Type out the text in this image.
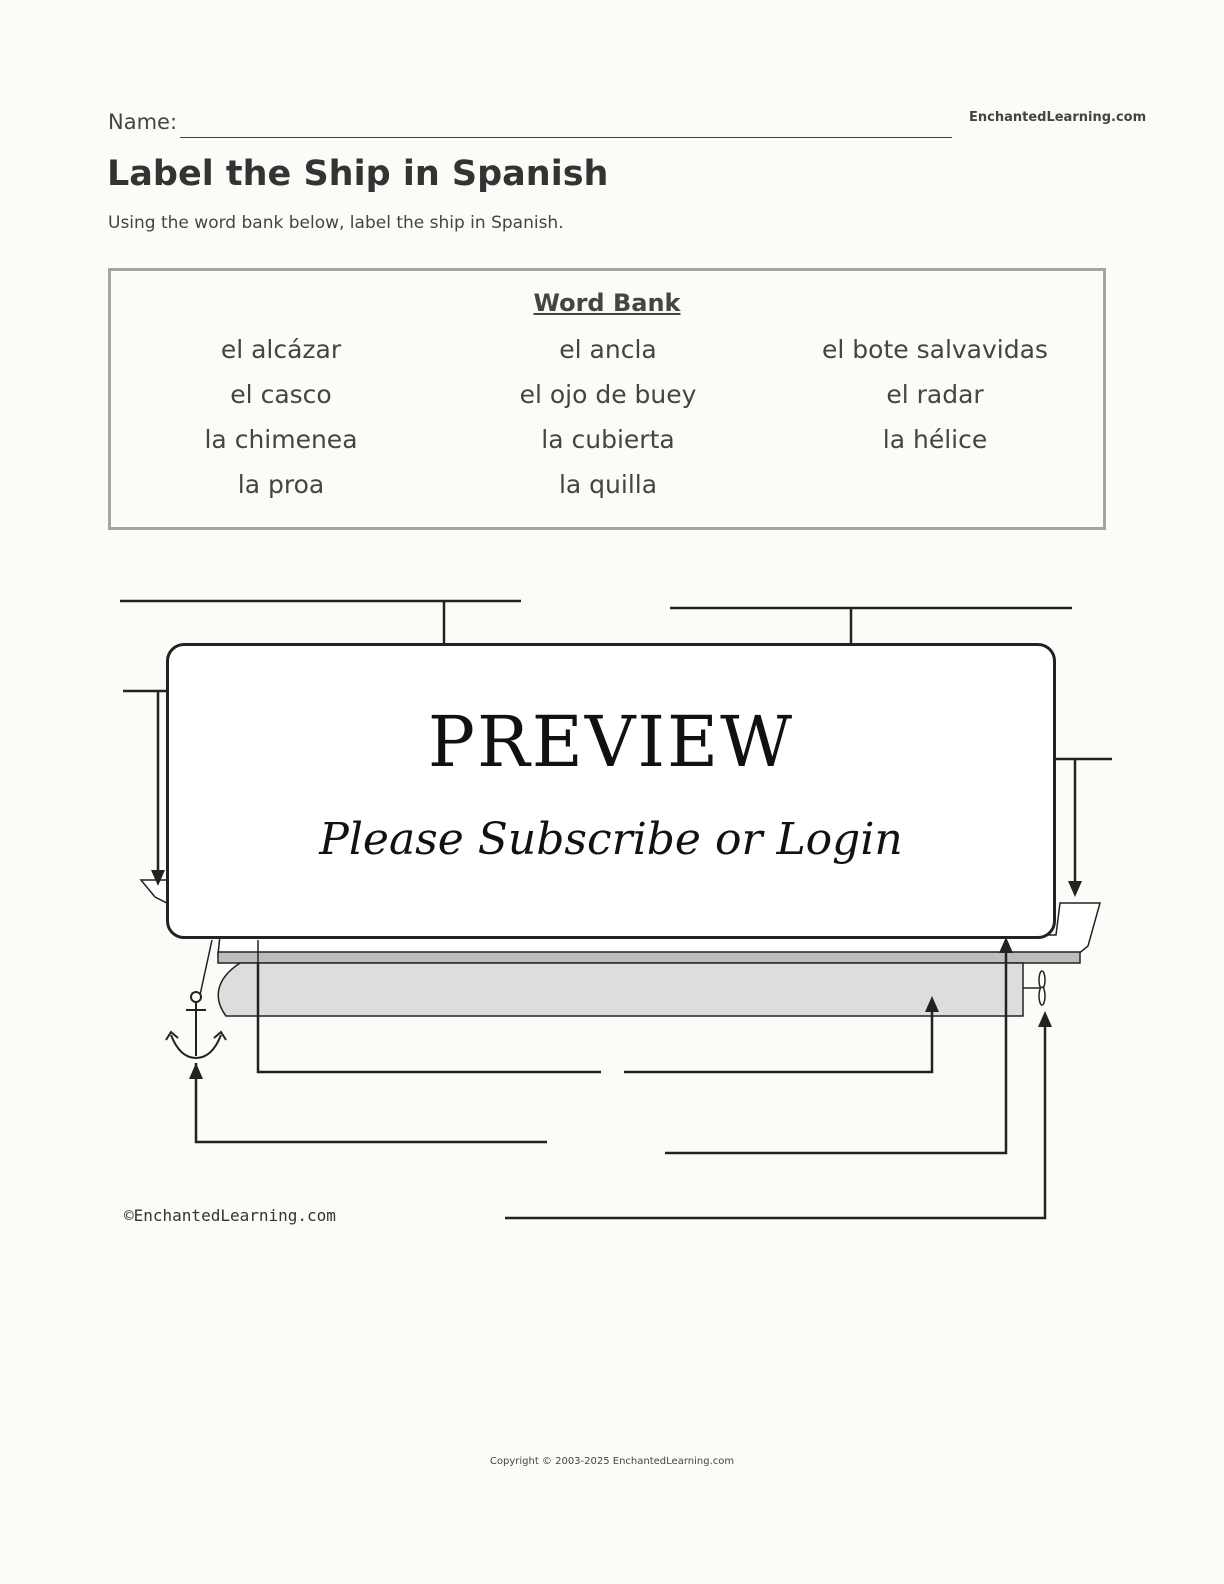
Name:	EnchantedLearning.com
Label the Ship in Spanish
Using the word bank below, label the ship in Spanish.
Word Bank
el alcázar	el ancla	el bote salvavidas
el casco	el ojo de buey	el radar
la chimenea	la cubierta	la hélice
la proa	la quilla
PREVIEW
Please Subscribe or Login
©EnchantedLearning.com
Copyright © 2003-2025 EnchantedLearning.com
